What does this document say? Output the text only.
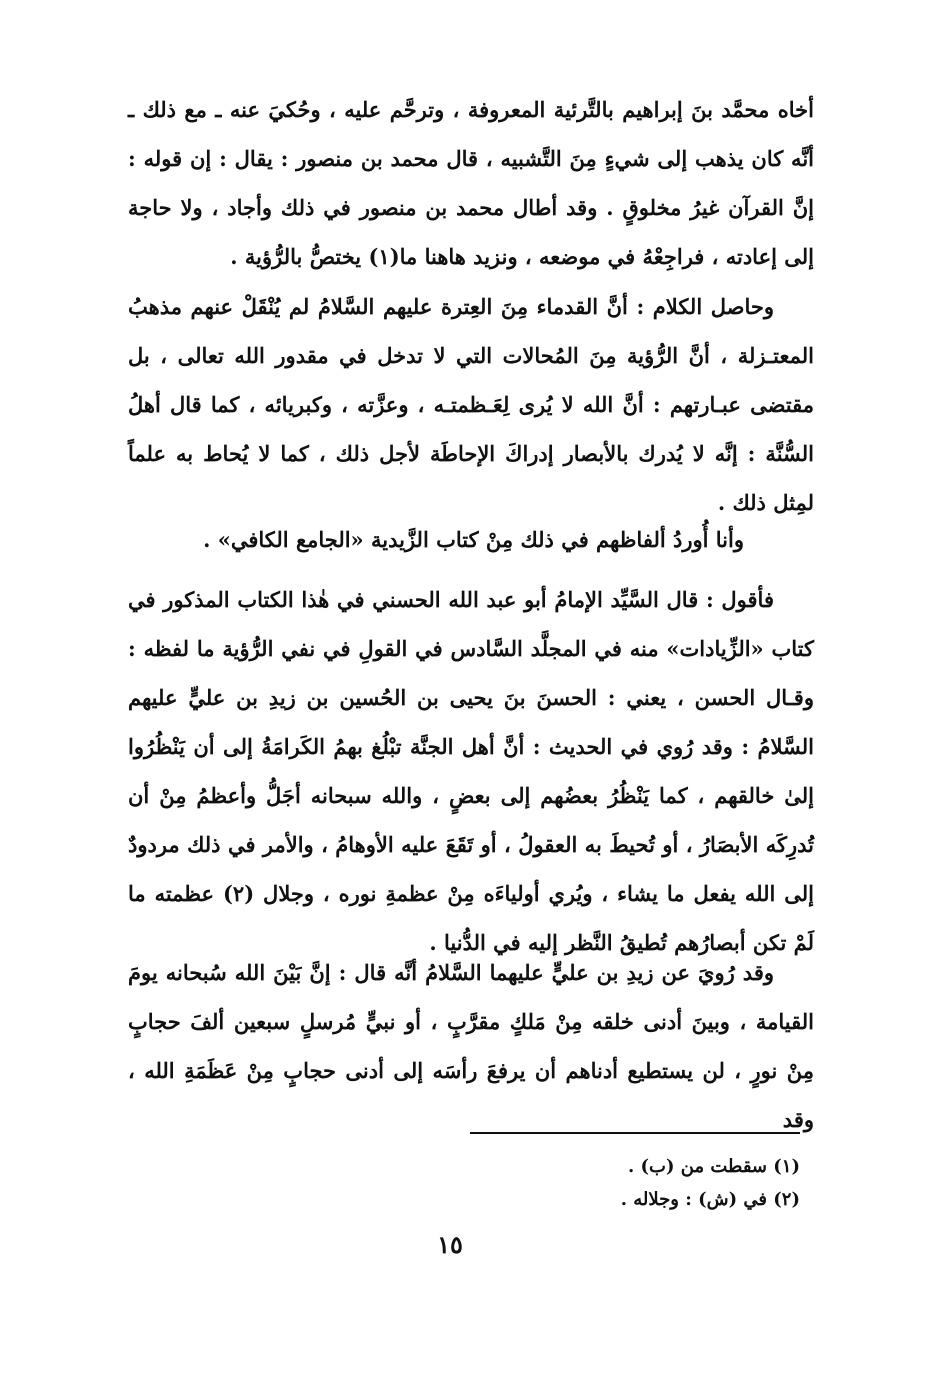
أخاه محمَّد بنَ إبراهيم بالتَّرئية المعروفة ، وترحَّم عليه ، وحُكيَ عنه ـ مع ذلك ـ أنَّه كان يذهب إلى شيءٍ مِنَ التَّشبيه ، قال محمد بن منصور : يقال : إن قوله : إنَّ القرآن غيرُ مخلوقٍ . وقد أطال محمد بن منصور في ذلك وأجاد ، ولا حاجة إلى إعادته ، فراجِعْهُ في موضعه ، ونزيد هاهنا ما(١) يختصُّ بالرُّؤية .

وحاصل الكلام : أنَّ القدماء مِنَ العِترة عليهم السَّلامُ لم يُنْقَلْ عنهم مذهبُ المعتـزلة ، أنَّ الرُّؤية مِنَ المُحالات التي لا تدخل في مقدور الله تعالى ، بل مقتضى عبـارتهم : أنَّ الله لا يُرى لِعَـظمتـه ، وعزَّته ، وكبريائه ، كما قال أهلُ السُّنَّة : إنَّه لا يُدرك بالأبصار إدراكَ الإحاطَة لأجل ذلك ، كما لا يُحاط به علماً لمِثل ذلك .

وأنا أُوردُ ألفاظهم في ذلك مِنْ كتاب الزَّيدية «الجامع الكافي» .

فأقول : قال السَّيِّد الإمامُ أبو عبد الله الحسني في هٰذا الكتاب المذكور في كتاب «الزِّيادات» منه في المجلَّد السَّادس في القولِ في نفي الرُّؤية ما لفظه : وقـال الحسن ، يعني : الحسنَ بنَ يحيى بن الحُسين بن زيدِ بن عليٍّ عليهم السَّلامُ : وقد رُوي في الحديث : أنَّ أهل الجنَّة تبْلُغ بهمُ الكَرامَةُ إلى أن يَنْظُرُوا إلىٰ خالقهم ، كما يَنْظُرُ بعضُهم إلى بعضٍ ، والله سبحانه أجَلُّ وأعظمُ مِنْ أن تُدرِكَه الأبصَارُ ، أو تُحيطَ به العقولُ ، أو تَقَعَ عليه الأوهامُ ، والأمر في ذلك مردودٌ إلى الله يفعل ما يشاء ، ويُري أولياءَه مِنْ عظمةِ نوره ، وجلال (٢) عظمته ما لَمْ تكن أبصارُهم تُطيقُ النَّظر إليه في الدُّنيا .

وقد رُويَ عن زيدِ بن عليٍّ عليهما السَّلامُ أنَّه قال : إنَّ بَيْنَ الله سُبحانه يومَ القيامة ، وبينَ أدنى خلقه مِنْ مَلكٍ مقرَّبٍ ، أو نبيٍّ مُرسلٍ سبعين ألفَ حجابٍ مِنْ نورٍ ، لن يستطيع أدناهم أن يرفعَ رأسَه إلى أدنى حجابٍ مِنْ عَظَمَةِ الله ، وقد

(١) سقطت من (ب) .
(٢) في (ش) : وجلاله .
١٥
